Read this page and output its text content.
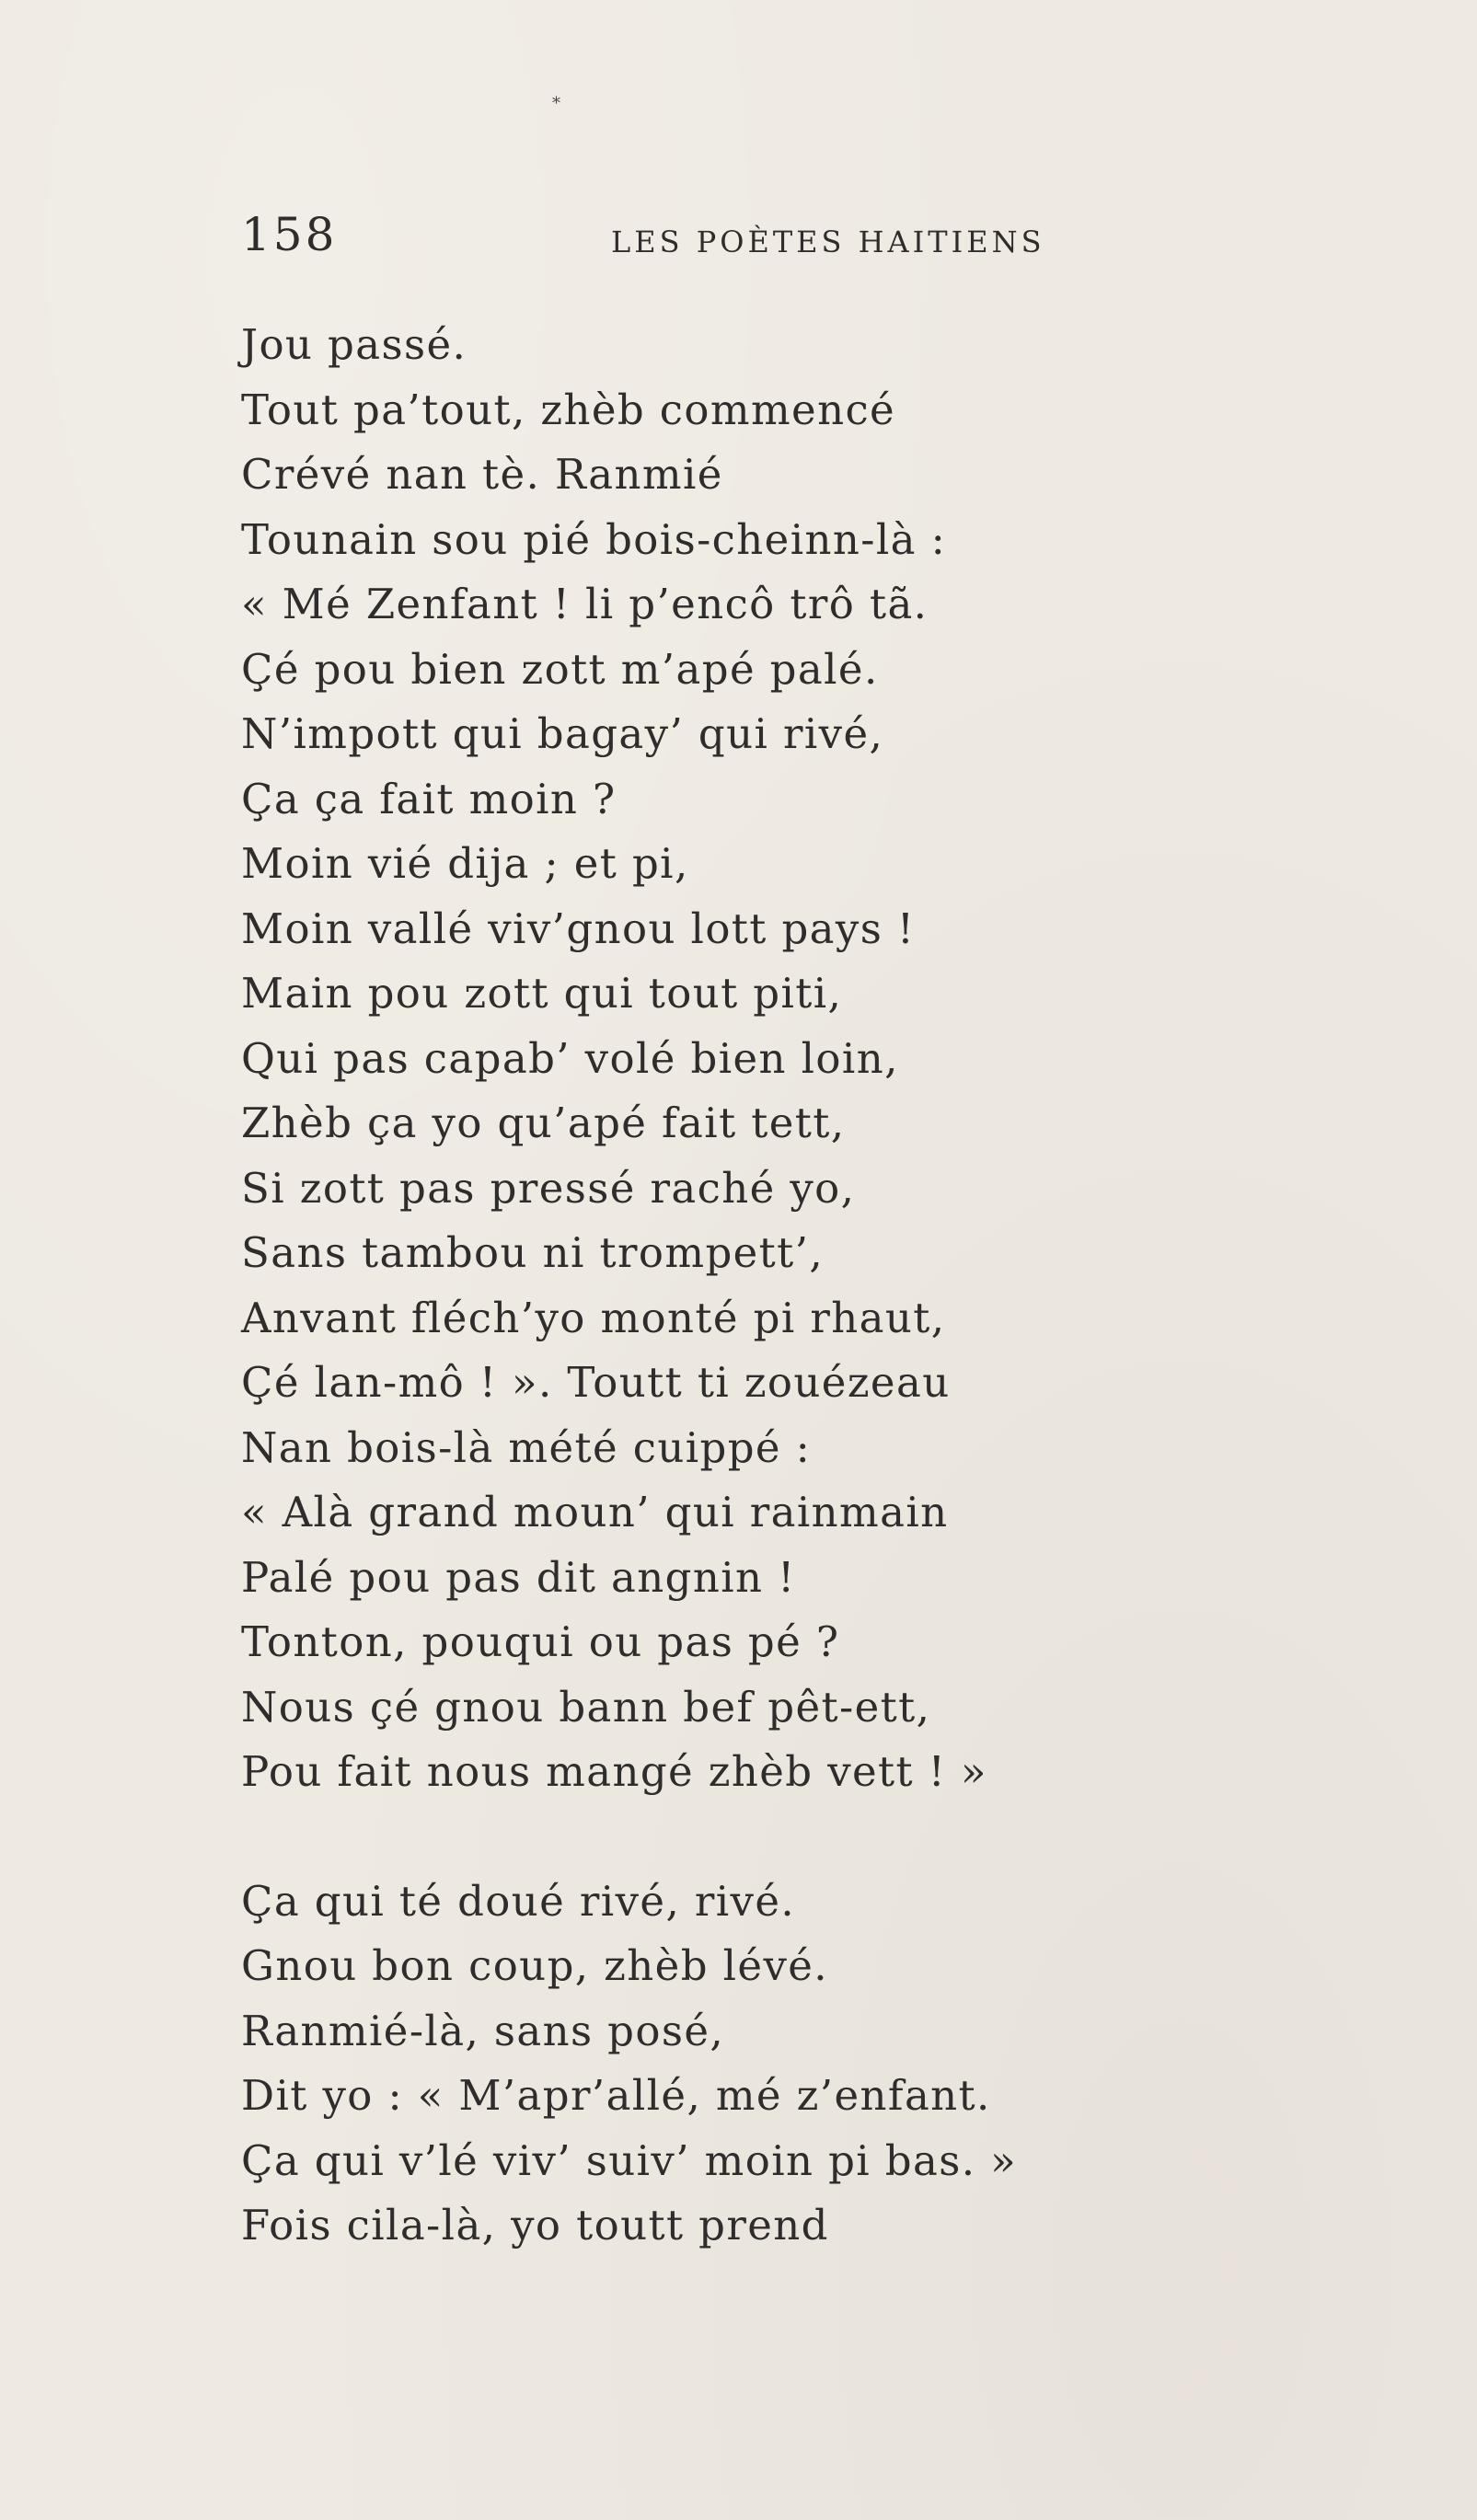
*
158	LES POÈTES HAITIENS
Jou passé.
Tout pa’tout, zhèb commencé
Crévé nan tè. Ranmié
Tounain sou pié bois-cheinn-là :
« Mé Zenfant ! li p’encô trô tã.
Çé pou bien zott m’apé palé.
N’impott qui bagay’ qui rivé,
Ça ça fait moin ?
Moin vié dija ; et pi,
Moin vallé viv’gnou lott pays !
Main pou zott qui tout piti,
Qui pas capab’ volé bien loin,
Zhèb ça yo qu’apé fait tett,
Si zott pas pressé raché yo,
Sans tambou ni trompett’,
Anvant fléch’yo monté pi rhaut,
Çé lan-mô ! ». Toutt ti zouézeau
Nan bois-là mété cuippé :
« Alà grand moun’ qui rainmain
Palé pou pas dit angnin !
Tonton, pouqui ou pas pé ?
Nous çé gnou bann bef pêt-ett,
Pou fait nous mangé zhèb vett ! »
Ça qui té doué rivé, rivé.
Gnou bon coup, zhèb lévé.
Ranmié-là, sans posé,
Dit yo : « M’apr’allé, mé z’enfant.
Ça qui v’lé viv’ suiv’ moin pi bas. »
Fois cila-là, yo toutt prend
